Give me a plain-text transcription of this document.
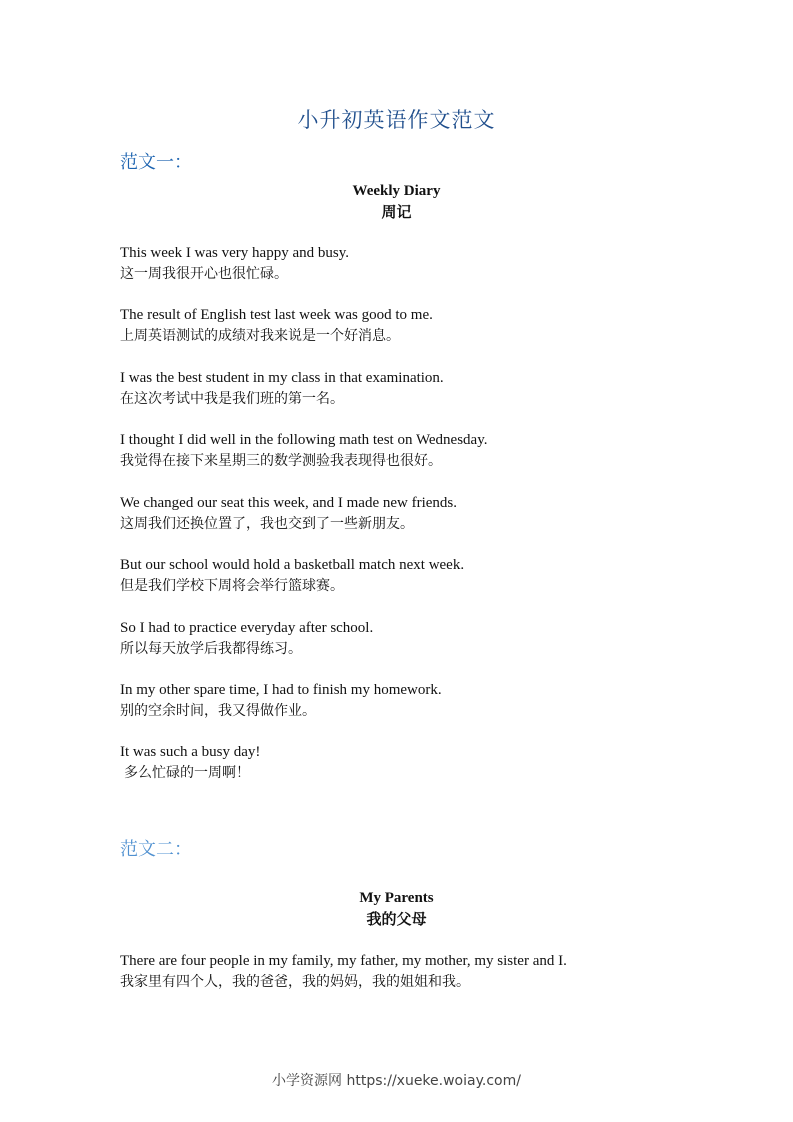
小升初英语作文范文
范文一：
Weekly Diary
周记
This week I was very happy and busy.
这一周我很开心也很忙碌。
The result of English test last week was good to me.
上周英语测试的成绩对我来说是一个好消息。
I was the best student in my class in that examination.
在这次考试中我是我们班的第一名。
I thought I did well in the following math test on Wednesday.
我觉得在接下来星期三的数学测验我表现得也很好。
We changed our seat this week, and I made new friends.
这周我们还换位置了，我也交到了一些新朋友。
But our school would hold a basketball match next week.
但是我们学校下周将会举行篮球赛。
So I had to practice everyday after school.
所以每天放学后我都得练习。
In my other spare time, I had to finish my homework.
别的空余时间，我又得做作业。
It was such a busy day!
多么忙碌的一周啊！
范文二：
My Parents
我的父母
There are four people in my family, my father, my mother, my sister and I.
我家里有四个人，我的爸爸，我的妈妈，我的姐姐和我。
小学资源网 https://xueke.woiay.com/
